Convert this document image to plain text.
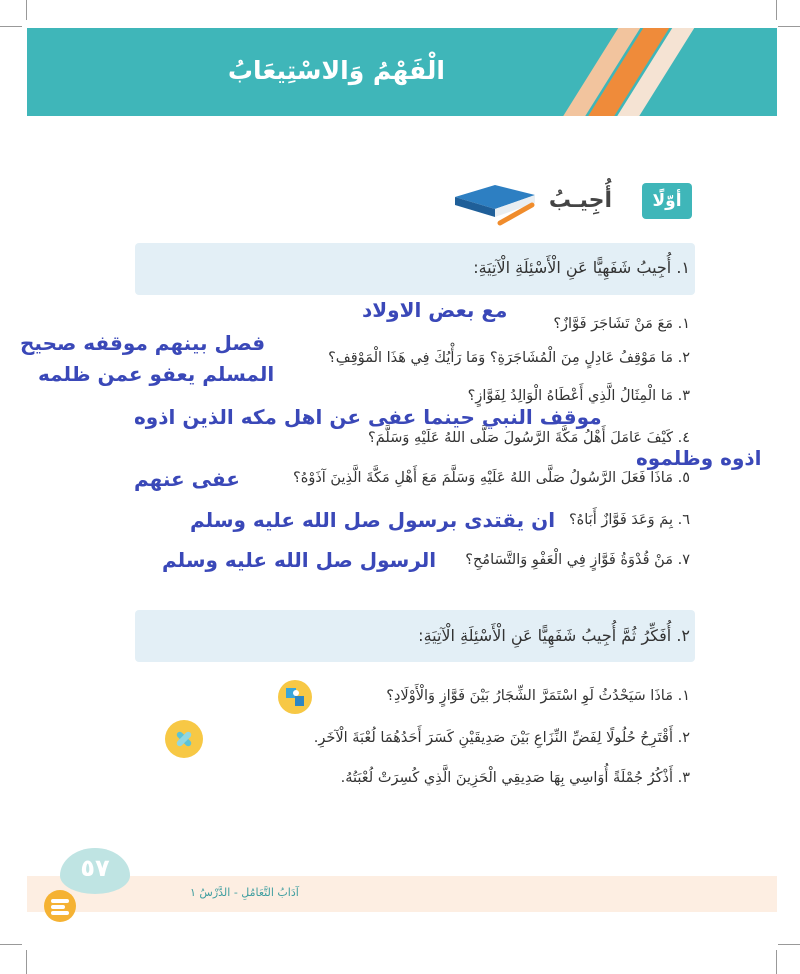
الْفَهْمُ وَالاسْتِيعَابُ
أوّلًا
أُجِيـبُ
١. أُجِيبُ شَفَهِيًّا عَنِ الْأَسْئِلَةِ الْآتِيَةِ:
١. مَعَ مَنْ تَشَاجَرَ فَوَّازٌ؟
٢. مَا مَوْقِفُ عَادِلٍ مِنَ الْمُشَاجَرَةِ؟ وَمَا رَأْيُكَ فِي هَذَا الْمَوْقِفِ؟
٣. مَا الْمِثَالُ الَّذِي أَعْطَاهُ الْوَالِدُ لِفَوَّازٍ؟
٤. كَيْفَ عَامَلَ أَهْلُ مَكَّةَ الرَّسُولَ صَلَّى اللهُ عَلَيْهِ وَسَلَّمَ؟
٥. مَاذَا فَعَلَ الرَّسُولُ صَلَّى اللهُ عَلَيْهِ وَسَلَّمَ مَعَ أَهْلِ مَكَّةَ الَّذِينَ آذَوْهُ؟
٦. بِمَ وَعَدَ فَوَّازٌ أَبَاهُ؟
٧. مَنْ قُدْوَةُ فَوَّازٍ فِي الْعَفْوِ وَالتَّسَامُحِ؟
مع بعض الاولاد
فصل بينهم موقفه صحيح
المسلم يعفو عمن ظلمه
موقف النبي حينما عفى عن اهل مكه الذين اذوه
اذوه وظلموه
عفى عنهم
ان يقتدى برسول صل الله عليه وسلم
الرسول صل الله عليه وسلم
٢. أُفَكِّرُ ثُمَّ أُجِيبُ شَفَهِيًّا عَنِ الْأَسْئِلَةِ الْآتِيَةِ:
١. مَاذَا سَيَحْدُثُ لَوِ اسْتَمَرَّ الشِّجَارُ بَيْنَ فَوَّازٍ وَالْأَوْلَادِ؟
٢. أَقْتَرِحُ حُلُولًا لِفَضِّ النِّزَاعِ بَيْنَ صَدِيقَيْنِ كَسَرَ أَحَدُهُمَا لُعْبَةَ الْآخَرِ.
٣. أَذْكُرُ جُمْلَةً أُوَاسِي بِهَا صَدِيقِي الْحَزِينَ الَّذِي كُسِرَتْ لُعْبَتُهُ.
آدَابُ التَّعَامُلِ - الدَّرْسُ ١
٥٧
